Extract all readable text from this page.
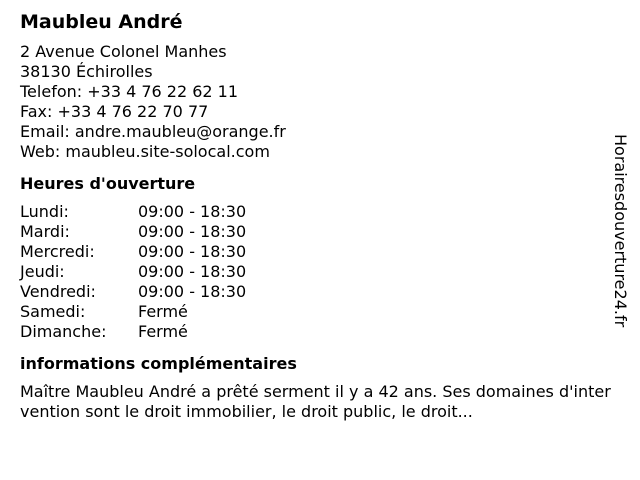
Maubleu André
2 Avenue Colonel Manhes
38130 Échirolles
Telefon: +33 4 76 22 62 11
Fax: +33 4 76 22 70 77
Email: andre.maubleu@orange.fr
Web: maubleu.site-solocal.com
Heures d'ouverture
Lundi:	09:00 - 18:30
Mardi:	09:00 - 18:30
Mercredi:	09:00 - 18:30
Jeudi:	09:00 - 18:30
Vendredi:	09:00 - 18:30
Samedi:	Fermé
Dimanche:	Fermé
informations complémentaires
Maître Maubleu André a prêté serment il y a 42 ans. Ses domaines d'intervention sont le droit immobilier, le droit public, le droit...
Horairesdouverture24.fr
